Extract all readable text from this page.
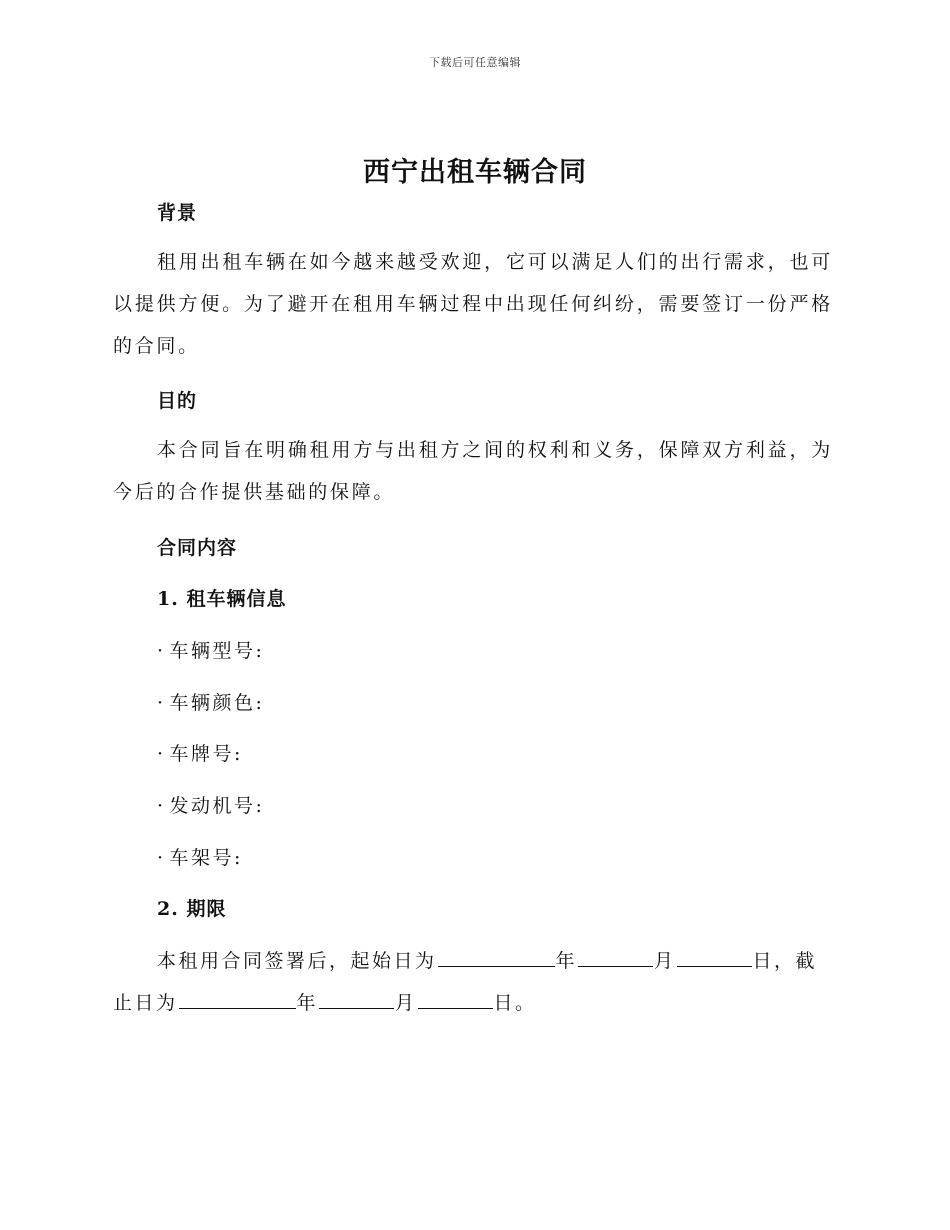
下载后可任意编辑
西宁出租车辆合同
背景
租用出租车辆在如今越来越受欢迎，它可以满足人们的出行需求，也可以提供方便。为了避开在租用车辆过程中出现任何纠纷，需要签订一份严格的合同。
目的
本合同旨在明确租用方与出租方之间的权利和义务，保障双方利益，为今后的合作提供基础的保障。
合同内容
1. 租车辆信息
· 车辆型号:
· 车辆颜色:
· 车牌号:
· 发动机号:
· 车架号:
2. 期限
本租用合同签署后，起始日为	年	月	日，截
止日为	年	月	日。
